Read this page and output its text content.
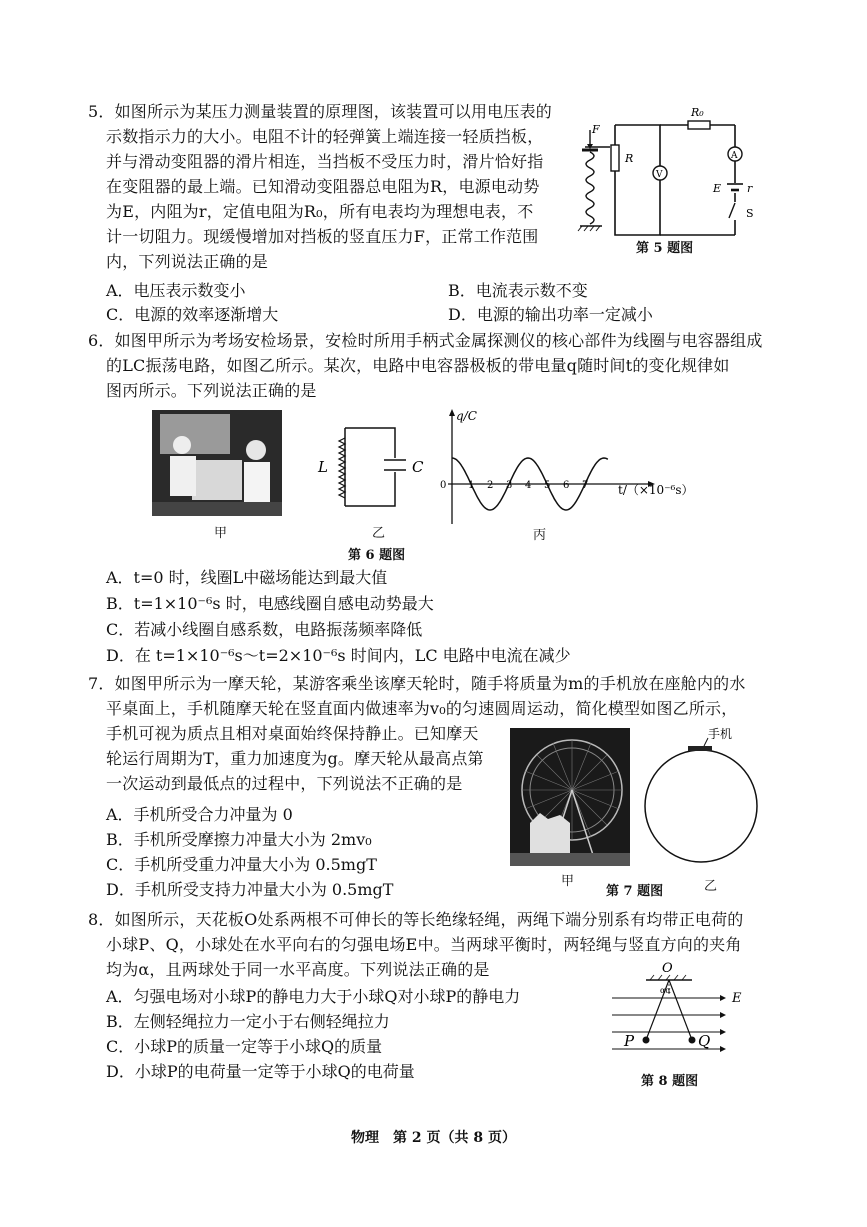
5．如图所示为某压力测量装置的原理图，该装置可以用电压表的
示数指示力的大小。电阻不计的轻弹簧上端连接一轻质挡板，
并与滑动变阻器的滑片相连，当挡板不受压力时，滑片恰好指
在变阻器的最上端。已知滑动变阻器总电阻为R，电源电动势
为E，内阻为r，定值电阻为R₀，所有电表均为理想电表，不
计一切阻力。现缓慢增加对挡板的竖直压力F，正常工作范围
内，下列说法正确的是
A．电压表示数变小	B．电流表示数不变
C．电源的效率逐渐增大	D．电源的输出功率一定减小
R₀
R
F
V
A
E r
S
第 5 题图
6．如图甲所示为考场安检场景，安检时所用手柄式金属探测仪的核心部件为线圈与电容器组成
的LC振荡电路，如图乙所示。某次，电路中电容器极板的带电量q随时间t的变化规律如
图丙所示。下列说法正确的是
甲
L	C
乙
q/C
0 1 2 3 4 5 6 7 t/（×10⁻⁶s）
丙
第 6 题图
A．t=0 时，线圈L中磁场能达到最大值
B．t=1×10⁻⁶s 时，电感线圈自感电动势最大
C．若减小线圈自感系数，电路振荡频率降低
D．在 t=1×10⁻⁶s～t=2×10⁻⁶s 时间内，LC 电路中电流在减少
7．如图甲所示为一摩天轮，某游客乘坐该摩天轮时，随手将质量为m的手机放在座舱内的水
平桌面上，手机随摩天轮在竖直面内做速率为v₀的匀速圆周运动，简化模型如图乙所示，
手机可视为质点且相对桌面始终保持静止。已知摩天
轮运行周期为T，重力加速度为g。摩天轮从最高点第
一次运动到最低点的过程中，下列说法不正确的是
A．手机所受合力冲量为 0
B．手机所受摩擦力冲量大小为 2mv₀
C．手机所受重力冲量大小为 0.5mgT
D．手机所受支持力冲量大小为 0.5mgT	甲
手机
乙
第 7 题图
8．如图所示，天花板O处系两根不可伸长的等长绝缘轻绳，两绳下端分别系有均带正电荷的
小球P、Q，小球处在水平向右的匀强电场E中。当两球平衡时，两轻绳与竖直方向的夹角
均为α，且两球处于同一水平高度。下列说法正确的是
A．匀强电场对小球P的静电力大于小球Q对小球P的静电力
B．左侧轻绳拉力一定小于右侧轻绳拉力
C．小球P的质量一定等于小球Q的质量
D．小球P的电荷量一定等于小球Q的电荷量
O
E
αα
P	Q
第 8 题图
物理　第 2 页（共 8 页）
